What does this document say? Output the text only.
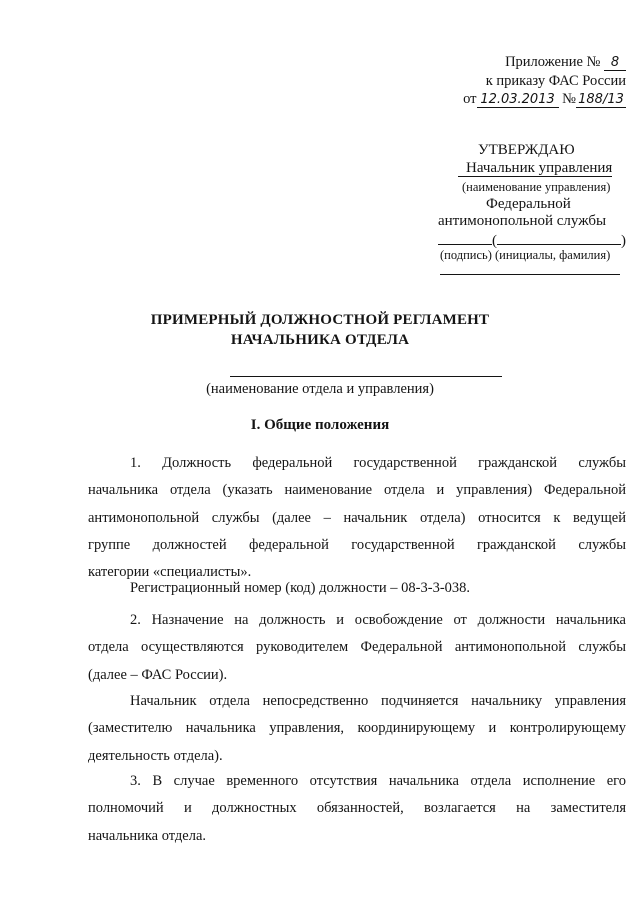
Приложение № 8
к приказу ФАС России
от 12.03.2013 № 188/13
УТВЕРЖДАЮ
Начальник управления
(наименование управления)
Федеральной
антимонопольной службы
(	)
(подпись) (инициалы, фамилия)
ПРИМЕРНЫЙ ДОЛЖНОСТНОЙ РЕГЛАМЕНТ
НАЧАЛЬНИКА ОТДЕЛА
(наименование отдела и управления)
I. Общие положения
1. Должность федеральной государственной гражданской службы
начальника отдела (указать наименование отдела и управления) Федеральной
антимонопольной службы (далее – начальник отдела) относится к ведущей
группе должностей федеральной государственной гражданской службы
категории «специалисты».
Регистрационный номер (код) должности – 08-3-3-038.
2. Назначение на должность и освобождение от должности начальника
отдела осуществляются руководителем Федеральной антимонопольной службы
(далее – ФАС России).
Начальник отдела непосредственно подчиняется начальнику управления
(заместителю начальника управления, координирующему и контролирующему
деятельность отдела).
3. В случае временного отсутствия начальника отдела исполнение его
полномочий и должностных обязанностей, возлагается на заместителя
начальника отдела.
